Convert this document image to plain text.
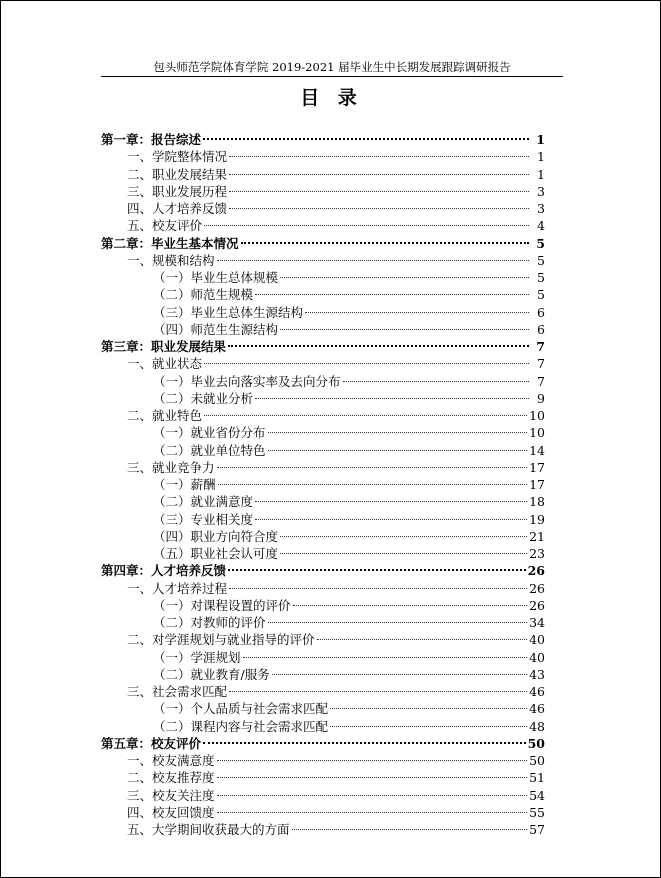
包头师范学院体育学院 2019-2021 届毕业生中长期发展跟踪调研报告
目 录
第一章：报告综述	1
一、学院整体情况	1
二、职业发展结果	1
三、职业发展历程	3
四、人才培养反馈	3
五、校友评价	4
第二章：毕业生基本情况	5
一、规模和结构	5
（一）毕业生总体规模	5
（二）师范生规模	5
（三）毕业生总体生源结构	6
（四）师范生生源结构	6
第三章：职业发展结果	7
一、就业状态	7
（一）毕业去向落实率及去向分布	7
（二）未就业分析	9
二、就业特色	10
（一）就业省份分布	10
（二）就业单位特色	14
三、就业竞争力	17
（一）薪酬	17
（二）就业满意度	18
（三）专业相关度	19
（四）职业方向符合度	21
（五）职业社会认可度	23
第四章：人才培养反馈	26
一、人才培养过程	26
（一）对课程设置的评价	26
（二）对教师的评价	34
二、对学涯规划与就业指导的评价	40
（一）学涯规划	40
（二）就业教育/服务	43
三、社会需求匹配	46
（一）个人品质与社会需求匹配	46
（二）课程内容与社会需求匹配	48
第五章：校友评价	50
一、校友满意度	50
二、校友推荐度	51
三、校友关注度	54
四、校友回馈度	55
五、大学期间收获最大的方面	57
